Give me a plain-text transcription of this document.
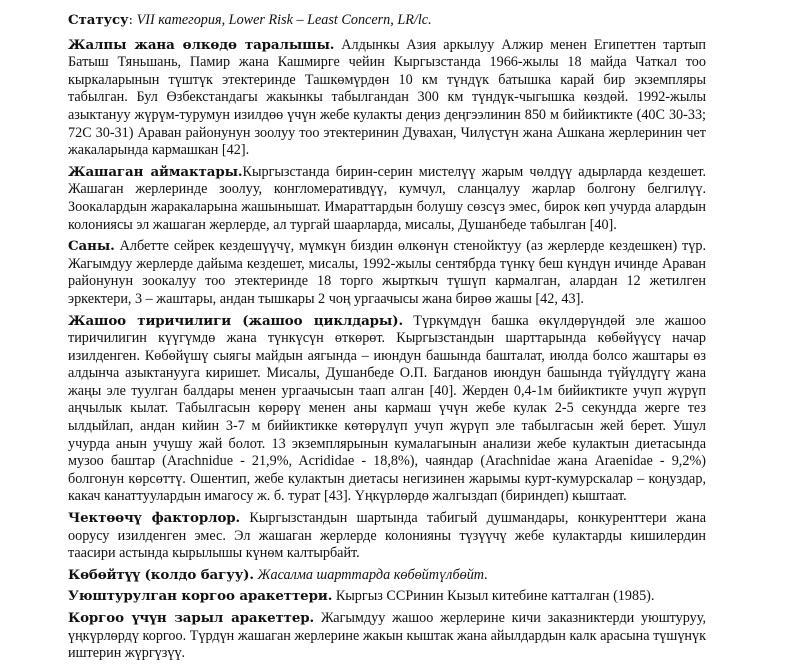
Статусу: VII категория, Lower Risk – Least Concern, LR/lc.

Жалпы жана өлкөдө таралышы. Алдынкы Азия аркылуу Алжир менен Египеттен тартып Батыш Тяньшань, Памир жана Кашмирге чейин Кыргызстанда 1966-жылы 18 майда Чаткал тоо кыркаларынын түштүк этектеринде Ташкөмүрдөн 10 км түндүк батышка карай бир экземпляры табылган. Бул Өзбекстандагы жакынкы табылгандан 300 км түндүк-чыгышка көздөй. 1992-жылы азыктануу жүрүм-турумун изилдөө үчүн жебе кулакты деңиз деңгээлинин 850 м бийиктикте (40С 30-33; 72С 30-31) Араван районунун зоолуу тоо этектеринин Дувахан, Чилүстүн жана Ашкана жерлеринин чет жакаларында кармашкан [42].

Жашаган аймактары.Кыргызстанда бирин-серин мистелүү жарым чөлдүү адырларда кездешет. Жашаган жерлеринде зоолуу, конгломеративдүү, кумчул, сланцалуу жарлар болгону белгилүү. Зоокалардын жаракаларына жашынышат. Имараттардын болушу сөзсүз эмес, бирок көп учурда алардын колониясы эл жашаган жерлерде, ал тургай шаарларда, мисалы, Душанбеде табылган [40].

Саны. Албетте сейрек кездешүүчү, мүмкүн биздин өлкөнүн стенойктуу (аз жерлерде кездешкен) түр. Жагымдуу жерлерде дайыма кездешет, мисалы, 1992-жылы сентябрда түнкү беш күндүн ичинде Араван районунун зоокалуу тоо этектеринде 18 торго жырткыч түшүп кармалган, алардан 12 жетилген эркектери, 3 – жаштары, андан тышкары 2 чоң ургаачысы жана бирөө жашы [42, 43].

Жашоо тиричилиги (жашоо циклдары). Түркүмдүн башка өкүлдөрүндөй эле жашоо тиричилигин күүгүмдө жана түнкүсүн өткөрөт. Кыргызстандын шарттарында көбөйүүсү начар изилденген. Көбөйүшү сыягы майдын аягында – июндун башында башталат, июлда болсо жаштары өз алдынча азыктанууга киришет. Мисалы, Душанбеде О.П. Бaгданов июндун башында түйүлдүгү жана жаңы эле туулган балдары менен ургаачысын таап алган [40]. Жерден 0,4-1м бийиктикте учуп жүрүп аңчылык кылат. Табылгасын көрөрү менен аны кармаш үчүн жебе кулак 2-5 секундда жерге тез ылдыйлап, андан кийин 3-7 м бийиктикке көтөрүлүп учуп жүрүп эле табылгасын жей берет. Ушул учурда анын учушу жай болот. 13 экземплярынын кумалагынын анализи жебе кулактын диетасында музоо баштар (Arachnidue - 21,9%, Acrididae - 18,8%), чаяндар (Arachnidae жана Araenidae - 9,2%) болгонун көрсөттү. Ошентип, жебе кулактын диетасы негизинен жарымы курт-кумурскалар – коңуздар, какач канаттуулардын имагосу ж. б. турат [43]. Үңкүрлөрдө жалгыздап (бириндеп) кыштаат.

Чектөөчү факторлор. Кыргызстандын шартында табигый душмандары, конкуренттери жана оорусу изилденген эмес. Эл жашаган жерлерде колонияны түзүүчү жебе кулактарды кишилердин таасири астында кырылышы күнөм калтырбайт.

Көбөйтүү (колдо багуу). Жасалма шарттарда көбөйтүлбөйт.

Уюштурулган коргоо аракеттери. Кыргыз ССРинин Кызыл китебине катталган (1985).

Коргоо үчүн зарыл аракеттер. Жагымдуу жашоо жерлерине кичи заказниктерди уюштуруу, үңкүрлөрдү коргоо. Түрдүн жашаган жерлерине жакын кыштак жана айылдардын калк арасына түшүнүк иштерин жүргүзүү.
